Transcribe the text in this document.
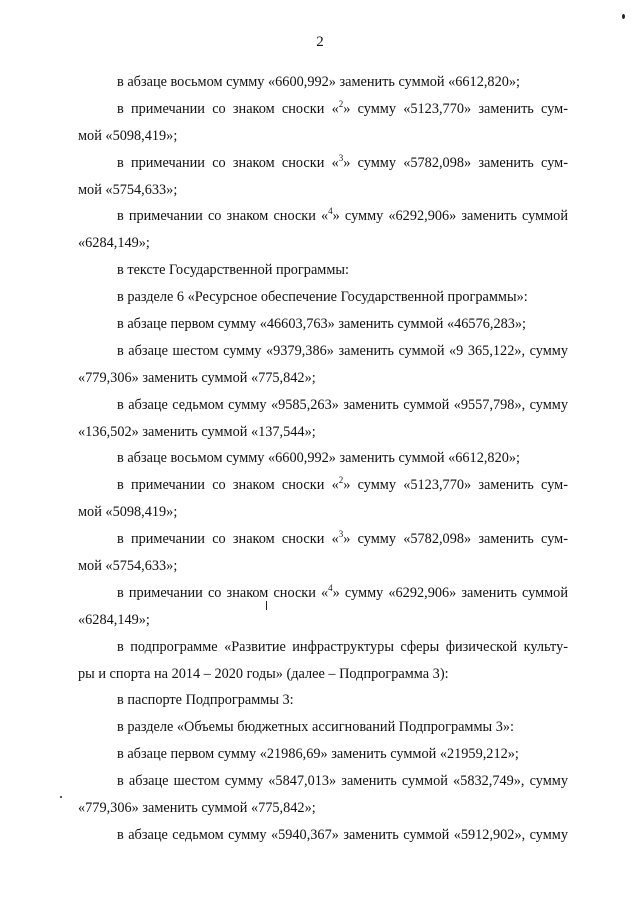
2
в абзаце восьмом сумму «6600,992» заменить суммой «6612,820»;
в примечании со знаком сноски «$^2$» сумму «5123,770» заменить сум-
мой «5098,419»;
в примечании со знаком сноски «$^3$» сумму «5782,098» заменить сум-
мой «5754,633»;
в примечании со знаком сноски «$^4$» сумму «6292,906» заменить суммой
«6284,149»;
в тексте Государственной программы:
в разделе 6 «Ресурсное обеспечение Государственной программы»:
в абзаце первом сумму «46603,763» заменить суммой «46576,283»;
в абзаце шестом сумму «9379,386» заменить суммой «9 365,122», сумму
«779,306» заменить суммой «775,842»;
в абзаце седьмом сумму «9585,263» заменить суммой «9557,798», сумму
«136,502» заменить суммой «137,544»;
в абзаце восьмом сумму «6600,992» заменить суммой «6612,820»;
в примечании со знаком сноски «$^2$» сумму «5123,770» заменить сум-
мой «5098,419»;
в примечании со знаком сноски «$^3$» сумму «5782,098» заменить сум-
мой «5754,633»;
в примечании со знаком сноски «$^4$» сумму «6292,906» заменить суммой
«6284,149»;
в подпрограмме «Развитие инфраструктуры сферы физической культу-
ры и спорта на 2014 – 2020 годы» (далее – Подпрограмма 3):
в паспорте Подпрограммы 3:
в разделе «Объемы бюджетных ассигнований Подпрограммы 3»:
в абзаце первом сумму «21986,69» заменить суммой «21959,212»;
в абзаце шестом сумму «5847,013» заменить суммой «5832,749», сумму
«779,306» заменить суммой «775,842»;
в абзаце седьмом сумму «5940,367» заменить суммой «5912,902», сумму
